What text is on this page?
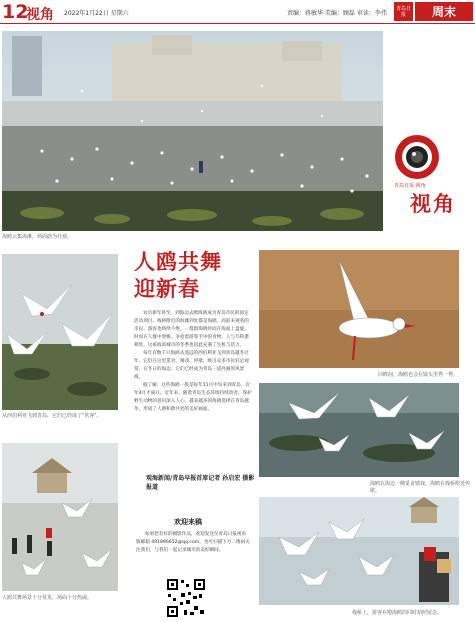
12
视角 2022年1月22日 星期六	责编：蒋敏华 美编：顾磊 审读：李伟
青岛日报	周末
海鸥云集海滩，场面蔚为壮观。
青岛日报·视角
视角
从西伯利亚飞到青岛，它们已经成了"常客"。
人鸥共舞
迎新春

农历新年将至，到海边去喂海鸥成为青岛市民的固定活动项目。栈桥附近的海滩到处都是海鸥，而前来观看的市民、游客也络绎不绝。一群群海鸥时而在海面上盘旋，时而在人群中穿梭，争抢着游客手中的食物，人与鸟和谐相处，这座海滨城市的冬季也因此充满了生机与活力。

每年有数千只海鸥从遥远的西伯利亚飞到青岛越冬过年，它们在这里觅食、嬉戏、停歇，吸引众多市民驻足观赏，在冬日的海边，它们已经成为青岛一道亮丽的风景线。

据了解，这些海鸥一般是每年11月中旬来到青岛，次年4月才离开。近年来，随着青岛生态环境持续改善，保护野生动物的意识深入人心，越来越多的海鸥选择在青岛越冬，形成了人鸥和谐共处的美好画面。

观海新闻/青岛早报首席记者 孙启宏 摄影报道
回眸间，海鸥也会在镜头里秀一秀。
海鸥在海边一侧觅食嬉戏，海鸥在栈桥附近停歇。
人鸥共舞场景十分常见，场面十分热闹。
欢迎来稿
如果您有好的摄影作品，欢迎发送至青岛日报视角版邮箱 491896652@qq.com，也可扫描下方二维码关注我们，与我们一起记录城市的美好瞬间。
栈桥上，游客在喂海鸥的同时拍照留念。
